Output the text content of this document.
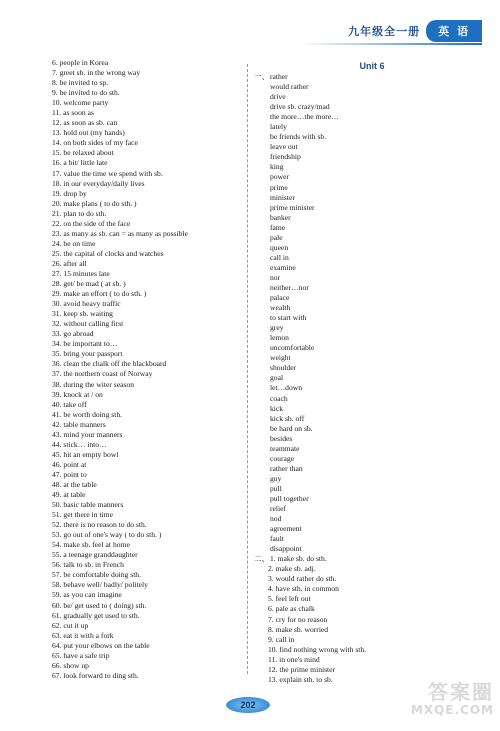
九年级全一册	英 语
6. people in Korea
7. greet sb. in the wrong way
8. be invited to sp.
9. be invited to do sth.
10. welcome party
11. as soon as
12. as soon as sb. can
13. hold out (my hands)
14. on both sides of my face
15. be relaxed about
16. a bit/ little late
17. value the time we spend with sb.
18. in our everyday/daily lives
19. drop by
20. make plans ( to do sth. )
21. plan to do sth.
22. on the side of the face
23. as many as sb. can = as many as possible
24. be on time
25. the capital of clocks and watches
26. after all
27. 15 minutes late
28. get/ be mad ( at sb. )
29. make an effort ( to do sth. )
30. avoid heavy traffic
31. keep sb. waiting
32. without calling first
33. go abroad
34. be important to…
35. bring your passport
36. clean the chalk off the blackboard
37. the northern coast of Norway
38. during the witer season
39. knock at / on
40. take off
41. be worth doing sth.
42. table manners
43. mind your manners
44. stick… into…
45. hit an empty bowl
46. point at
47. point to
48. at the table
49. at table
50. basic table manners
51. get there in time
52. there is no reason to do sth.
53. go out of one's way ( to do sth. )
54. make sb. feel at home
55. a teenage granddaughter
56. talk to sb. in French
57. be comfortable doing sth.
58. behave well/ badly/ politely
59. as you can imagine
60. be/ get used to ( doing) sth.
61. gradually get used to sth.
62. cut it up
63. eat it with a fork
64. put your elbows on the table
65. have a safe trip
66. show up
67. look forward to ding sth.
Unit 6
一、rather
would rather
drive
drive sb. crazy/mad
the more…the more…
lately
be friends with sb.
leave out
friendship
king
power
prime
minister
prime minister
banker
fame
pale
queen
call in
examine
nor
neither…nor
palace
wealth
to start with
grey
lemon
uncomfortable
weight
shoulder
goal
let…down
coach
kick
kick sb. off
be hard on sb.
besides
teammate
courage
rather than
guy
pull
pull together
relief
nod
agreement
fault
disappoint
二、1. make sb. do sth.
2. make sb. adj.
3. would rather do sth.
4. have sth. in common
5. feel left out
6. pale as chalk
7. cry for no reason
8. make sb. worried
9. call in
10. find nothing wrong with sth.
11. in one's mind
12. the prime minister
13. explain sth. to sb.
202
答案圈
MXQE.COM
